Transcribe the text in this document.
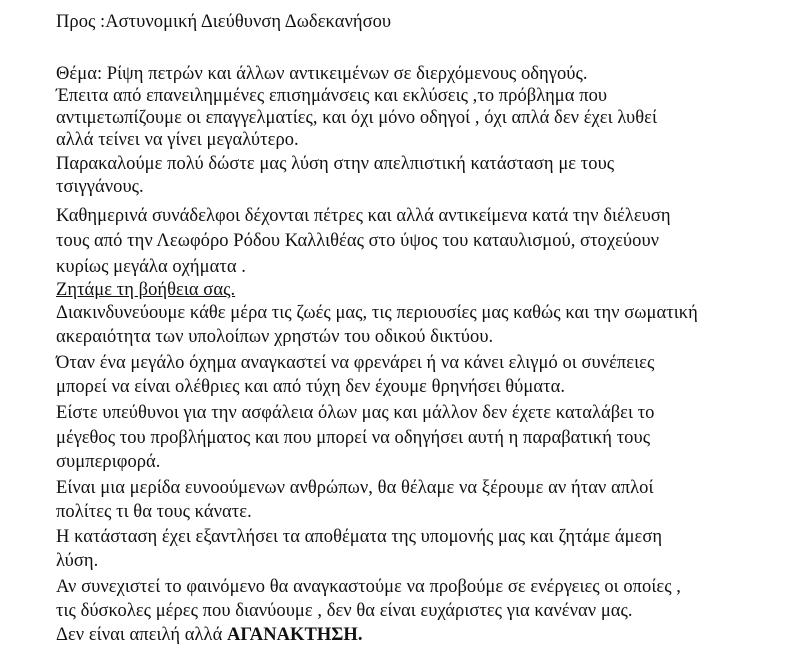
Προς :Αστυνομική Διεύθυνση Δωδεκανήσου
Θέμα: Ρίψη πετρών και άλλων αντικειμένων σε διερχόμενους οδηγούς.
Έπειτα από επανειλημμένες επισημάνσεις και εκλύσεις ,το πρόβλημα που
αντιμετωπίζουμε οι επαγγελματίες, και όχι μόνο οδηγοί , όχι απλά δεν έχει λυθεί
αλλά τείνει να γίνει μεγαλύτερο.
Παρακαλούμε πολύ δώστε μας λύση στην απελπιστική κατάσταση με τους
τσιγγάνους.
Καθημερινά συνάδελφοι δέχονται πέτρες και αλλά αντικείμενα κατά την διέλευση
τους από την Λεωφόρο Ρόδου Καλλιθέας στο ύψος του καταυλισμού, στοχεύουν
κυρίως μεγάλα οχήματα .
Ζητάμε τη βοήθεια σας.
Διακινδυνεύουμε κάθε μέρα τις ζωές μας, τις περιουσίες μας καθώς και την σωματική
ακεραιότητα των υπολοίπων χρηστών του οδικού δικτύου.
Όταν ένα μεγάλο όχημα αναγκαστεί να φρενάρει ή να κάνει ελιγμό οι συνέπειες
μπορεί να είναι ολέθριες και από τύχη δεν έχουμε θρηνήσει θύματα.
Είστε υπεύθυνοι για την ασφάλεια όλων μας και μάλλον δεν έχετε καταλάβει το
μέγεθος του προβλήματος και που μπορεί να οδηγήσει αυτή η παραβατική τους
συμπεριφορά.
Είναι μια μερίδα ευνοούμενων ανθρώπων, θα θέλαμε να ξέρουμε αν ήταν απλοί
πολίτες τι θα τους κάνατε.
Η κατάσταση έχει εξαντλήσει τα αποθέματα της υπομονής μας και ζητάμε άμεση
λύση.
Αν συνεχιστεί το φαινόμενο θα αναγκαστούμε να προβούμε σε ενέργειες οι οποίες ,
τις δύσκολες μέρες που διανύουμε , δεν θα είναι ευχάριστες για κανέναν μας.
Δεν είναι απειλή αλλά ΑΓΑΝΑΚΤΗΣΗ.
